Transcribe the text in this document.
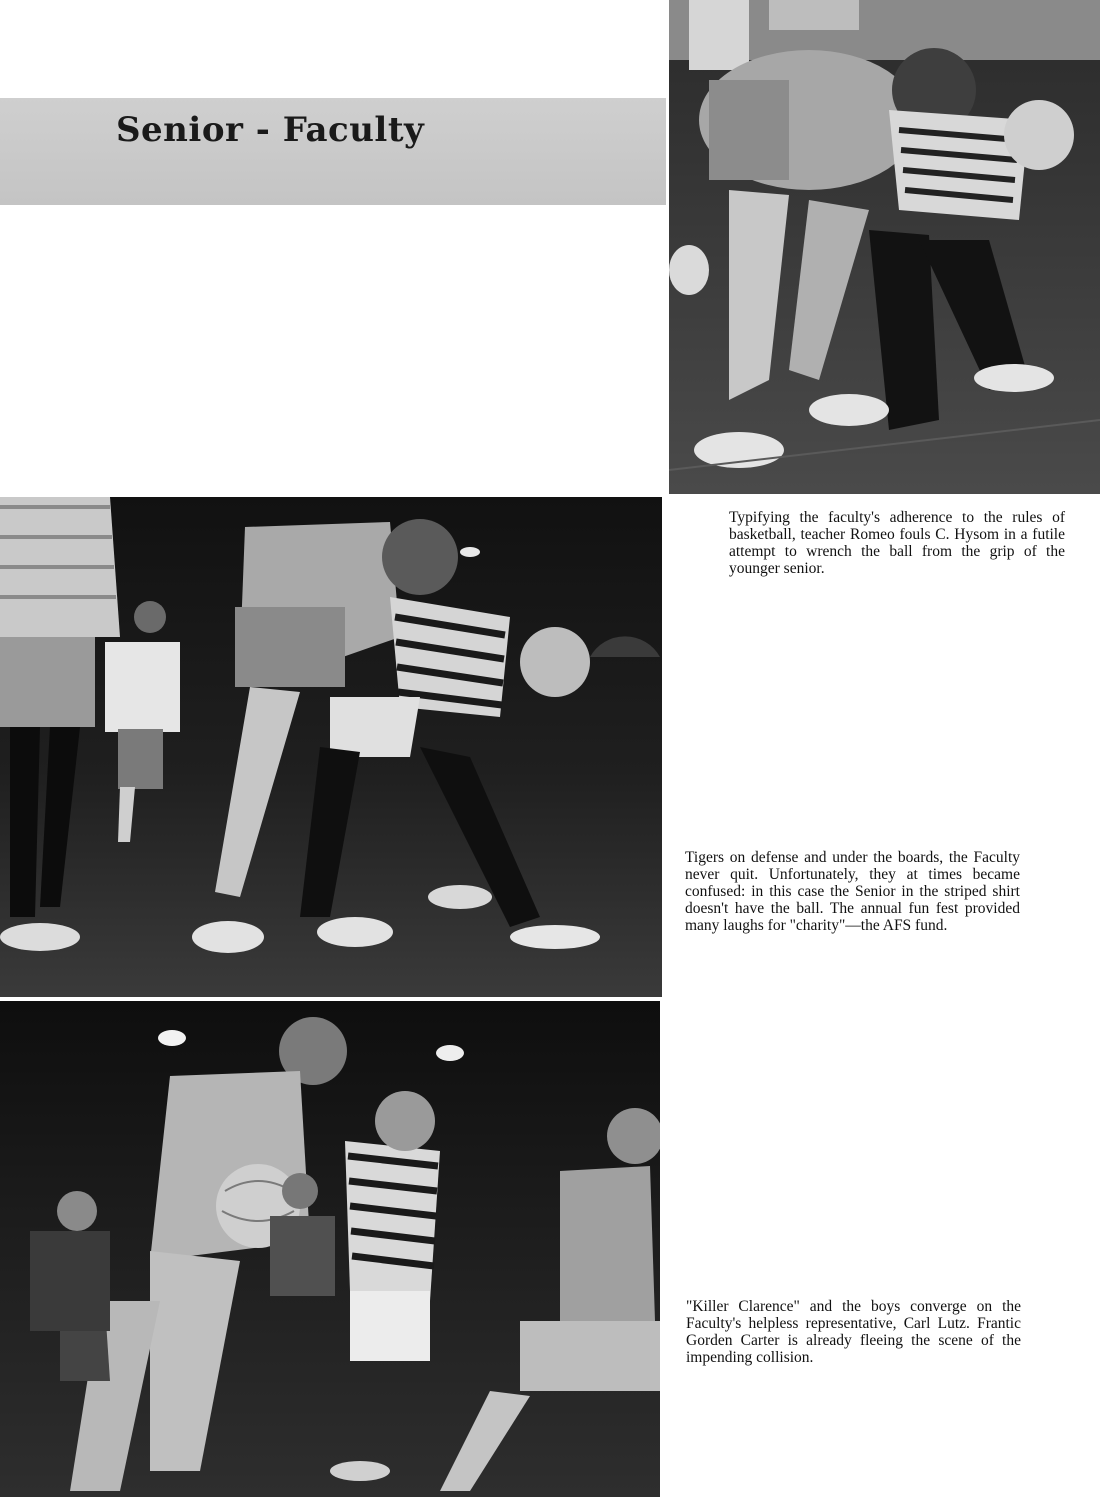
Senior - Faculty
Typifying the faculty's adherence to the rules of basketball, teacher Romeo fouls C. Hysom in a futile attempt to wrench the ball from the grip of the younger senior.
Tigers on defense and under the boards, the Faculty never quit. Unfortunately, they at times became confused: in this case the Senior in the striped shirt doesn't have the ball. The annual fun fest provided many laughs for "charity"—the AFS fund.
"Killer Clarence" and the boys converge on the Faculty's helpless representative, Carl Lutz. Frantic Gorden Carter is already fleeing the scene of the impending collision.
